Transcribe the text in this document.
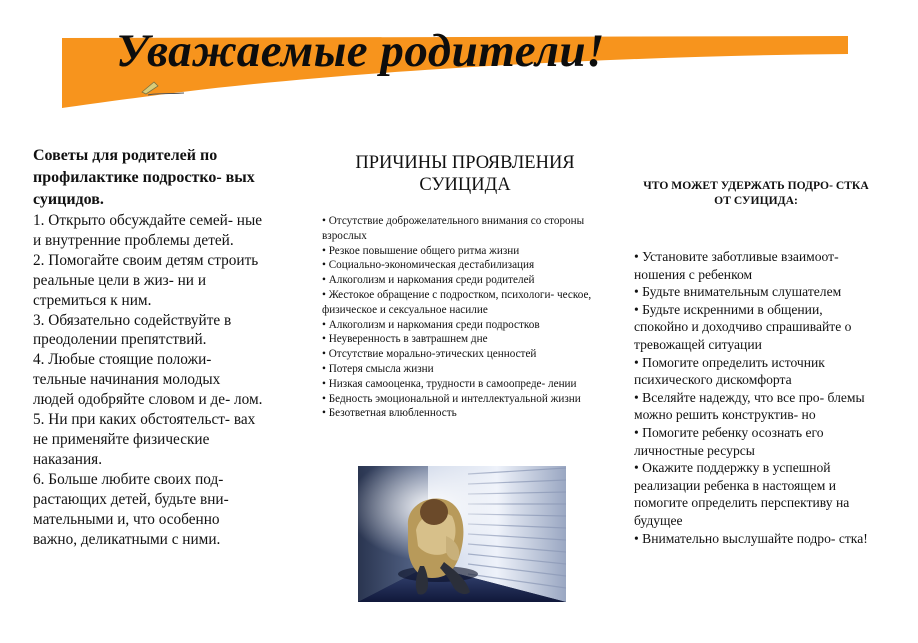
Уважаемые родители!
Советы для родителей по профилактике подростко- вых суицидов.
1. Открыто обсуждайте семей- ные и внутренние проблемы детей.
2. Помогайте своим детям строить реальные цели в жиз- ни и стремиться к ним.
3. Обязательно содействуйте в преодолении препятствий.
4. Любые стоящие положи- тельные начинания молодых людей одобряйте словом и де- лом.
5. Ни при каких обстоятельст- вах не применяйте физические наказания.
6. Больше любите своих под- растающих детей, будьте вни- мательными и, что особенно важно, деликатными с ними.
ПРИЧИНЫ ПРОЯВЛЕНИЯ СУИЦИДА
• Отсутствие доброжелательного внимания со стороны взрослых
• Резкое повышение общего ритма жизни
• Социально-экономическая дестабилизация
• Алкоголизм и наркомания среди родителей
• Жестокое обращение с подростком, психологи- ческое, физическое и сексуальное насилие
• Алкоголизм и наркомания среди подростков
• Неуверенность в завтрашнем дне
• Отсутствие морально-этических ценностей
• Потеря смысла жизни
• Низкая самооценка, трудности в самоопреде- лении
• Бедность эмоциональной и интеллектуальной жизни
• Безответная влюбленность
ЧТО МОЖЕТ УДЕРЖАТЬ ПОДРО- СТКА ОТ СУИЦИДА:
• Установите заботливые взаимоот- ношения с ребенком
• Будьте внимательным слушателем
• Будьте искренними в общении, спокойно и доходчиво спрашивайте о тревожащей ситуации
• Помогите определить источник психического дискомфорта
• Вселяйте надежду, что все про- блемы можно решить конструктив- но
• Помогите ребенку осознать его личностные ресурсы
• Окажите поддержку в успешной реализации ребенка в настоящем и помогите определить перспективу на будущее
• Внимательно выслушайте подро- стка!
